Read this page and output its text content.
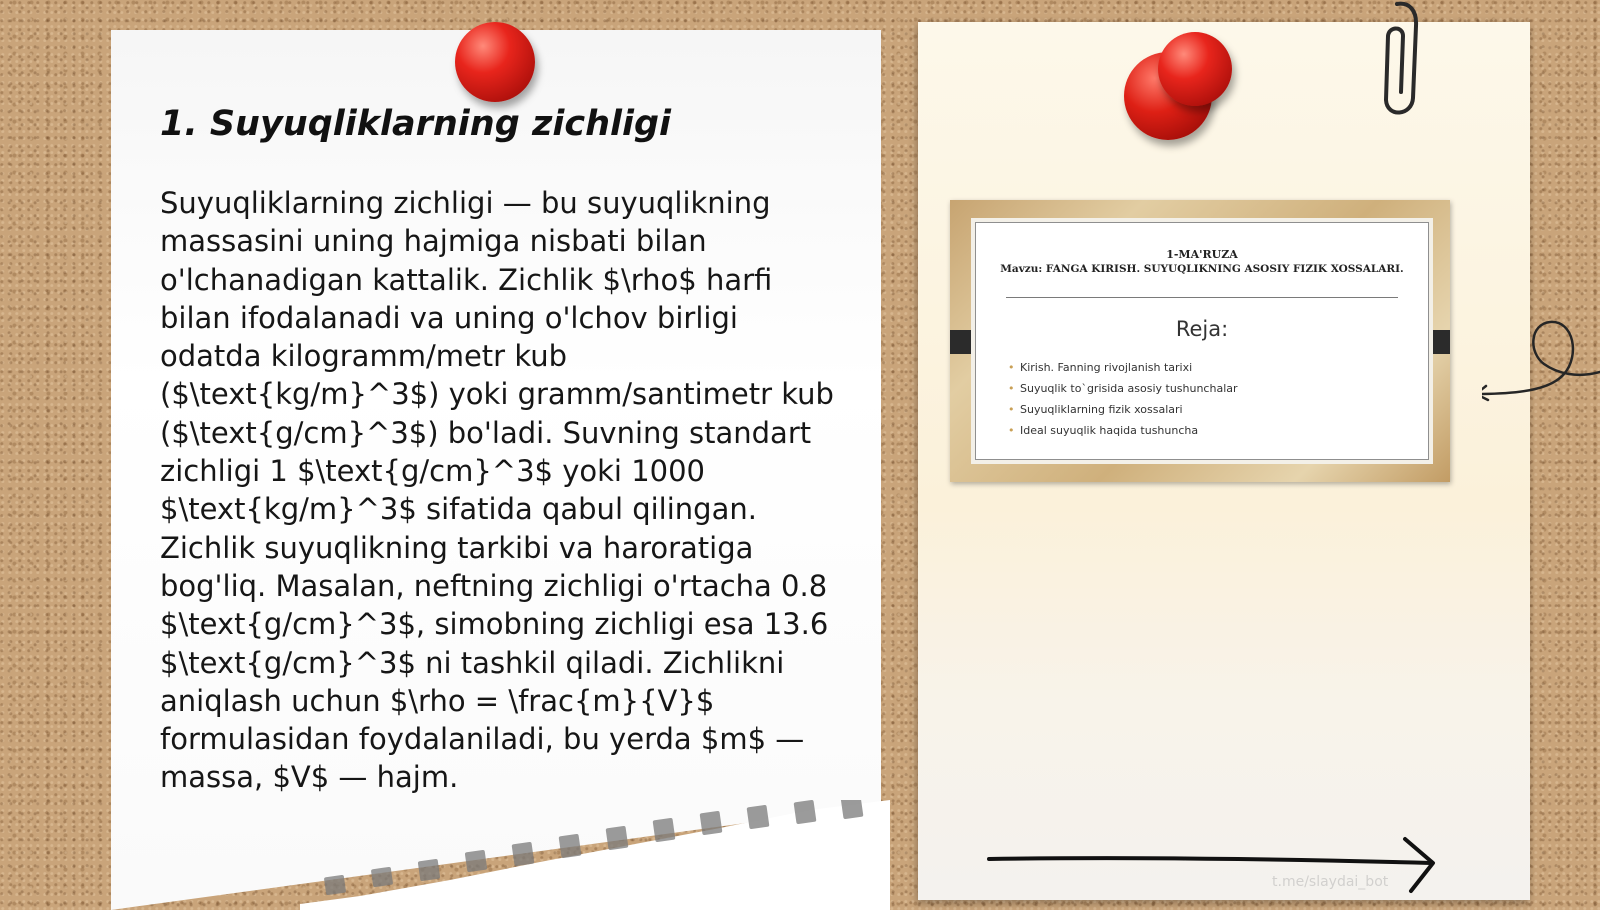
1. Suyuqliklarning zichligi

Suyuqliklarning zichligi — bu suyuqlikning massasini uning hajmiga nisbati bilan o'lchanadigan kattalik. Zichlik $\rho$ harfi bilan ifodalanadi va uning o'lchov birligi odatda kilogramm/metr kub ($\text{kg/m}^3$) yoki gramm/santimetr kub ($\text{g/cm}^3$) bo'ladi. Suvning standart zichligi 1 $\text{g/cm}^3$ yoki 1000 $\text{kg/m}^3$ sifatida qabul qilingan. Zichlik suyuqlikning tarkibi va haroratiga bog'liq. Masalan, neftning zichligi o'rtacha 0.8 $\text{g/cm}^3$, simobning zichligi esa 13.6 $\text{g/cm}^3$ ni tashkil qiladi. Zichlikni aniqlash uchun $\rho = \frac{m}{V}$ formulasidan foydalaniladi, bu yerda $m$ — massa, $V$ — hajm.

1-MA'RUZA

Mavzu: FANGA KIRISH. SUYUQLIKNING ASOSIY FIZIK XOSSALARI.

Reja:

• Kirish. Fanning rivojlanish tarixi
• Suyuqlik to`grisida asosiy tushunchalar
• Suyuqliklarning fizik xossalari
• Ideal suyuqlik haqida tushuncha

t.me/slaydai_bot
